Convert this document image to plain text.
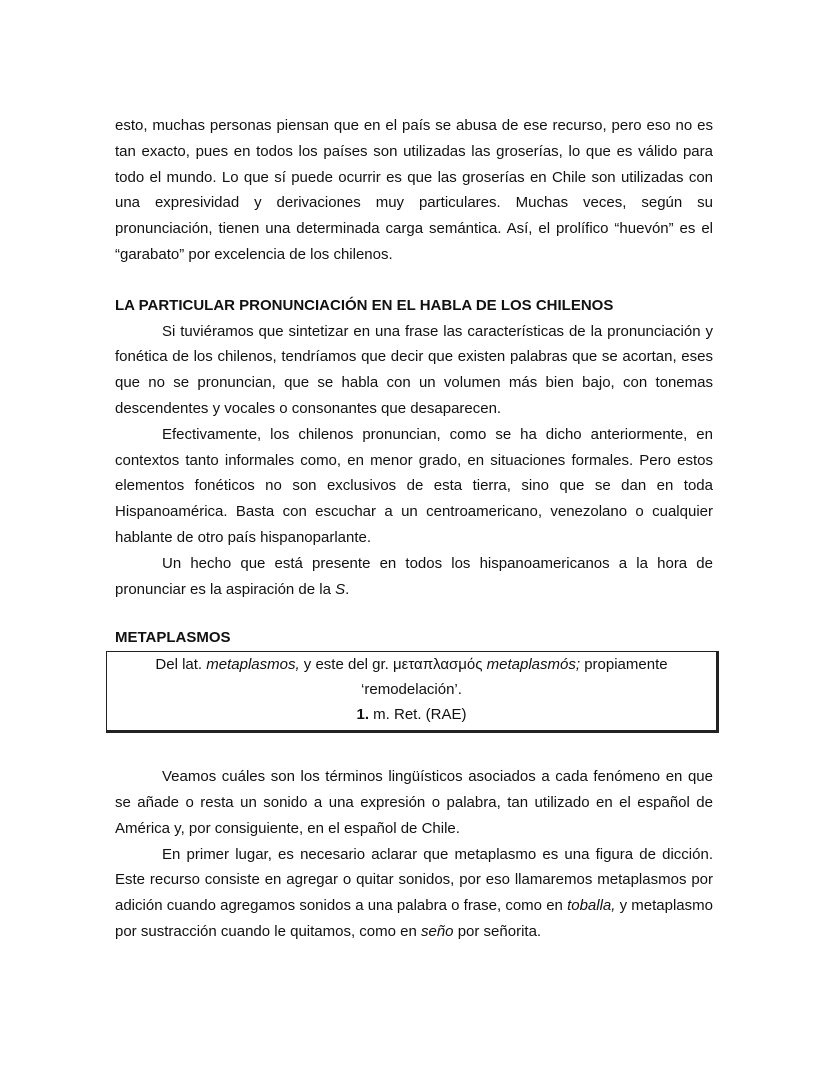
esto, muchas personas piensan que en el país se abusa de ese recurso, pero eso no es tan exacto, pues en todos los países son utilizadas las groserías, lo que es válido para todo el mundo. Lo que sí puede ocurrir es que las groserías en Chile son utilizadas con una expresividad y derivaciones muy particulares. Muchas veces, según su pronunciación, tienen una determinada carga semántica. Así, el prolífico “huevón” es el “garabato” por excelencia de los chilenos.

LA PARTICULAR PRONUNCIACIÓN EN EL HABLA DE LOS CHILENOS

Si tuviéramos que sintetizar en una frase las características de la pronunciación y fonética de los chilenos, tendríamos que decir que existen palabras que se acortan, eses que no se pronuncian, que se habla con un volumen más bien bajo, con tonemas descendentes y vocales o consonantes que desaparecen.

Efectivamente, los chilenos pronuncian, como se ha dicho anteriormente, en contextos tanto informales como, en menor grado, en situaciones formales. Pero estos elementos fonéticos no son exclusivos de esta tierra, sino que se dan en toda Hispanoamérica. Basta con escuchar a un centroamericano, venezolano o cualquier hablante de otro país hispanoparlante.

Un hecho que está presente en todos los hispanoamericanos a la hora de pronunciar es la aspiración de la S.

METAPLASMOS
Del lat. metaplasmos, y este del gr. μεταπλασμός metaplasmós; propiamente
‘remodelación’.
1. m. Ret. (RAE)

Veamos cuáles son los términos lingüísticos asociados a cada fenómeno en que se añade o resta un sonido a una expresión o palabra, tan utilizado en el español de América y, por consiguiente, en el español de Chile.

En primer lugar, es necesario aclarar que metaplasmo es una figura de dicción. Este recurso consiste en agregar o quitar sonidos, por eso llamaremos metaplasmos por adición cuando agregamos sonidos a una palabra o frase, como en toballa, y metaplasmo por sustracción cuando le quitamos, como en seño por señorita.
